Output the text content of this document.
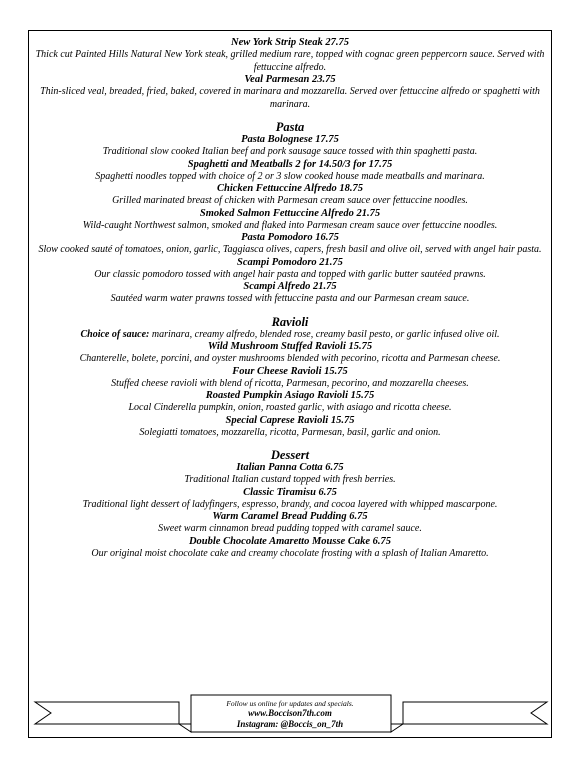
New York Strip Steak 27.75

Thick cut Painted Hills Natural New York steak, grilled medium rare, topped with cognac green peppercorn sauce. Served with fettuccine alfredo.

Veal Parmesan 23.75

Thin-sliced veal, breaded, fried, baked, covered in marinara and mozzarella. Served over fettuccine alfredo or spaghetti with marinara.

Pasta

Pasta Bolognese 17.75

Traditional slow cooked Italian beef and pork sausage sauce tossed with thin spaghetti pasta.

Spaghetti and Meatballs 2 for 14.50/3 for 17.75

Spaghetti noodles topped with choice of 2 or 3 slow cooked house made meatballs and marinara.

Chicken Fettuccine Alfredo 18.75

Grilled marinated breast of chicken with Parmesan cream sauce over fettuccine noodles.

Smoked Salmon Fettuccine Alfredo 21.75

Wild-caught Northwest salmon, smoked and flaked into Parmesan cream sauce over fettuccine noodles.

Pasta Pomodoro 16.75

Slow cooked sauté of tomatoes, onion, garlic, Taggiasca olives, capers, fresh basil and olive oil, served with angel hair pasta.

Scampi Pomodoro 21.75

Our classic pomodoro tossed with angel hair pasta and topped with garlic butter sautéed prawns.

Scampi Alfredo 21.75

Sautéed warm water prawns tossed with fettuccine pasta and our Parmesan cream sauce.

Ravioli

Choice of sauce: marinara, creamy alfredo, blended rose, creamy basil pesto, or garlic infused olive oil.

Wild Mushroom Stuffed Ravioli 15.75

Chanterelle, bolete, porcini, and oyster mushrooms blended with pecorino, ricotta and Parmesan cheese.

Four Cheese Ravioli 15.75

Stuffed cheese ravioli with blend of ricotta, Parmesan, pecorino, and mozzarella cheeses.

Roasted Pumpkin Asiago Ravioli 15.75

Local Cinderella pumpkin, onion, roasted garlic, with asiago and ricotta cheese.

Special Caprese Ravioli 15.75

Solegiatti tomatoes, mozzarella, ricotta, Parmesan, basil, garlic and onion.

Dessert

Italian Panna Cotta 6.75

Traditional Italian custard topped with fresh berries.

Classic Tiramisu 6.75

Traditional light dessert of ladyfingers, espresso, brandy, and cocoa layered with whipped mascarpone.

Warm Caramel Bread Pudding 6.75

Sweet warm cinnamon bread pudding topped with caramel sauce.

Double Chocolate Amaretto Mousse Cake 6.75

Our original moist chocolate cake and creamy chocolate frosting with a splash of Italian Amaretto.

Follow us online for updates and specials.

www.Boccison7th.com

Instagram: @Boccis_on_7th
